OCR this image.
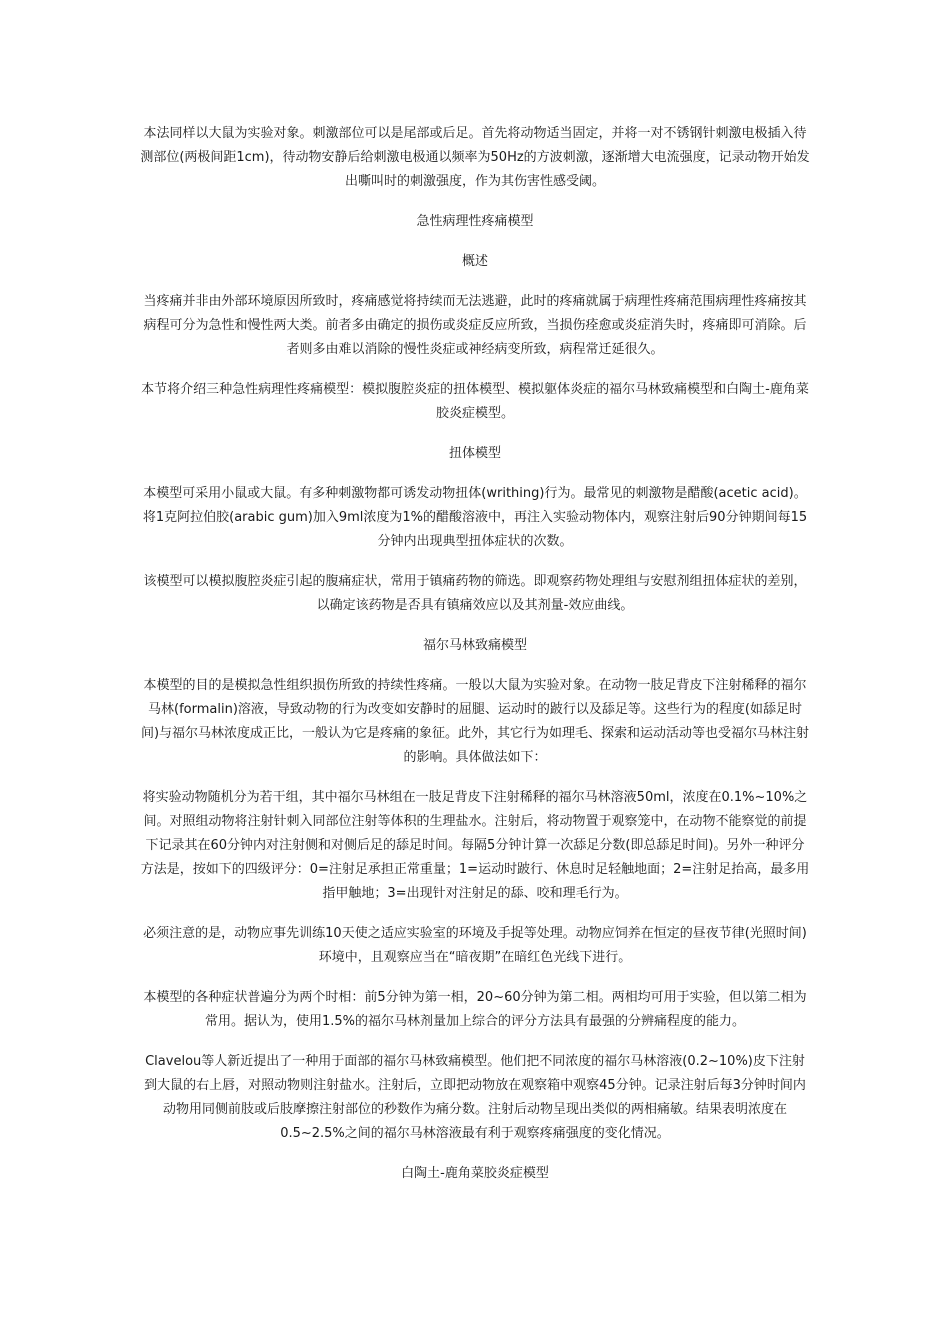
本法同样以大鼠为实验对象。刺激部位可以是尾部或后足。首先将动物适当固定，并将一对不锈钢针刺激电极插入待测部位(两极间距1cm)，待动物安静后给刺激电极通以频率为50Hz的方波刺激，逐渐增大电流强度，记录动物开始发出嘶叫时的刺激强度，作为其伤害性感受阈。

急性病理性疼痛模型

概述

当疼痛并非由外部环境原因所致时，疼痛感觉将持续而无法逃避，此时的疼痛就属于病理性疼痛范围病理性疼痛按其病程可分为急性和慢性两大类。前者多由确定的损伤或炎症反应所致，当损伤痊愈或炎症消失时，疼痛即可消除。后者则多由难以消除的慢性炎症或神经病变所致，病程常迁延很久。

本节将介绍三种急性病理性疼痛模型：模拟腹腔炎症的扭体模型、模拟躯体炎症的福尔马林致痛模型和白陶土-鹿角菜胶炎症模型。

扭体模型

本模型可采用小鼠或大鼠。有多种刺激物都可诱发动物扭体(writhing)行为。最常见的刺激物是醋酸(acetic acid)。将1克阿拉伯胶(arabic gum)加入9ml浓度为1%的醋酸溶液中，再注入实验动物体内，观察注射后90分钟期间每15分钟内出现典型扭体症状的次数。

该模型可以模拟腹腔炎症引起的腹痛症状，常用于镇痛药物的筛选。即观察药物处理组与安慰剂组扭体症状的差别，以确定该药物是否具有镇痛效应以及其剂量-效应曲线。

福尔马林致痛模型

本模型的目的是模拟急性组织损伤所致的持续性疼痛。一般以大鼠为实验对象。在动物一肢足背皮下注射稀释的福尔马林(formalin)溶液，导致动物的行为改变如安静时的屈腿、运动时的跛行以及舔足等。这些行为的程度(如舔足时间)与福尔马林浓度成正比，一般认为它是疼痛的象征。此外，其它行为如理毛、探索和运动活动等也受福尔马林注射的影响。具体做法如下：

将实验动物随机分为若干组，其中福尔马林组在一肢足背皮下注射稀释的福尔马林溶液50ml，浓度在0.1%~10%之间。对照组动物将注射针刺入同部位注射等体积的生理盐水。注射后，将动物置于观察笼中，在动物不能察觉的前提下记录其在60分钟内对注射侧和对侧后足的舔足时间。每隔5分钟计算一次舔足分数(即总舔足时间)。另外一种评分方法是，按如下的四级评分：0=注射足承担正常重量；1=运动时跛行、休息时足轻触地面；2=注射足抬高，最多用指甲触地；3=出现针对注射足的舔、咬和理毛行为。

必须注意的是，动物应事先训练10天使之适应实验室的环境及手捉等处理。动物应饲养在恒定的昼夜节律(光照时间)环境中，且观察应当在“暗夜期”在暗红色光线下进行。

本模型的各种症状普遍分为两个时相：前5分钟为第一相，20~60分钟为第二相。两相均可用于实验，但以第二相为常用。据认为，使用1.5%的福尔马林剂量加上综合的评分方法具有最强的分辨痛程度的能力。

Clavelou等人新近提出了一种用于面部的福尔马林致痛模型。他们把不同浓度的福尔马林溶液(0.2~10%)皮下注射到大鼠的右上唇，对照动物则注射盐水。注射后，立即把动物放在观察箱中观察45分钟。记录注射后每3分钟时间内动物用同侧前肢或后肢摩擦注射部位的秒数作为痛分数。注射后动物呈现出类似的两相痛敏。结果表明浓度在0.5~2.5%之间的福尔马林溶液最有利于观察疼痛强度的变化情况。

白陶土-鹿角菜胶炎症模型
